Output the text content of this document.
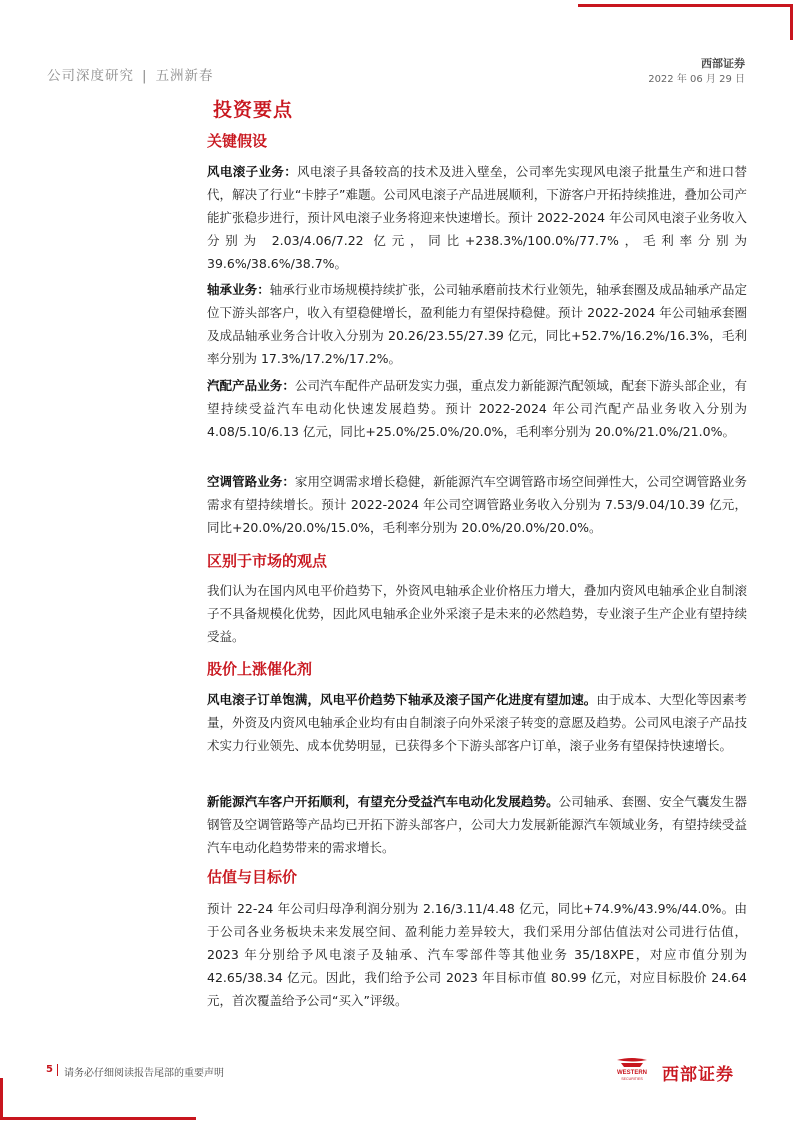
公司深度研究 | 五洲新春
西部证券
2022 年 06 月 29 日
投资要点
关键假设

风电滚子业务：风电滚子具备较高的技术及进入壁垒，公司率先实现风电滚子批量生产和进口替代，解决了行业“卡脖子”难题。公司风电滚子产品进展顺利，下游客户开拓持续推进，叠加公司产能扩张稳步进行，预计风电滚子业务将迎来快速增长。预计 2022-2024 年公司风电滚子业务收入分别为 2.03/4.06/7.22 亿元，同比+238.3%/100.0%/77.7%，毛利率分别为 39.6%/38.6%/38.7%。

轴承业务：轴承行业市场规模持续扩张，公司轴承磨前技术行业领先，轴承套圈及成品轴承产品定位下游头部客户，收入有望稳健增长，盈利能力有望保持稳健。预计 2022-2024 年公司轴承套圈及成品轴承业务合计收入分别为 20.26/23.55/27.39 亿元，同比+52.7%/16.2%/16.3%，毛利率分别为 17.3%/17.2%/17.2%。

汽配产品业务：公司汽车配件产品研发实力强，重点发力新能源汽配领域，配套下游头部企业，有望持续受益汽车电动化快速发展趋势。预计 2022-2024 年公司汽配产品业务收入分别为 4.08/5.10/6.13 亿元，同比+25.0%/25.0%/20.0%，毛利率分别为 20.0%/21.0%/21.0%。

空调管路业务：家用空调需求增长稳健，新能源汽车空调管路市场空间弹性大，公司空调管路业务需求有望持续增长。预计 2022-2024 年公司空调管路业务收入分别为 7.53/9.04/10.39 亿元，同比+20.0%/20.0%/15.0%，毛利率分别为 20.0%/20.0%/20.0%。

区别于市场的观点

我们认为在国内风电平价趋势下，外资风电轴承企业价格压力增大，叠加内资风电轴承企业自制滚子不具备规模化优势，因此风电轴承企业外采滚子是未来的必然趋势，专业滚子生产企业有望持续受益。

股价上涨催化剂

风电滚子订单饱满，风电平价趋势下轴承及滚子国产化进度有望加速。由于成本、大型化等因素考量，外资及内资风电轴承企业均有由自制滚子向外采滚子转变的意愿及趋势。公司风电滚子产品技术实力行业领先、成本优势明显，已获得多个下游头部客户订单，滚子业务有望保持快速增长。

新能源汽车客户开拓顺利，有望充分受益汽车电动化发展趋势。公司轴承、套圈、安全气囊发生器钢管及空调管路等产品均已开拓下游头部客户，公司大力发展新能源汽车领域业务，有望持续受益汽车电动化趋势带来的需求增长。

估值与目标价

预计 22-24 年公司归母净利润分别为 2.16/3.11/4.48 亿元，同比+74.9%/43.9%/44.0%。由于公司各业务板块未来发展空间、盈利能力差异较大，我们采用分部估值法对公司进行估值，2023 年分别给予风电滚子及轴承、汽车零部件等其他业务 35/18XPE，对应市值分别为 42.65/38.34 亿元。因此，我们给予公司 2023 年目标市值 80.99 亿元，对应目标股价 24.64 元，首次覆盖给予公司“买入”评级。

5 请务必仔细阅读报告尾部的重要声明	WESTERN
SECURITIES 西部证券
